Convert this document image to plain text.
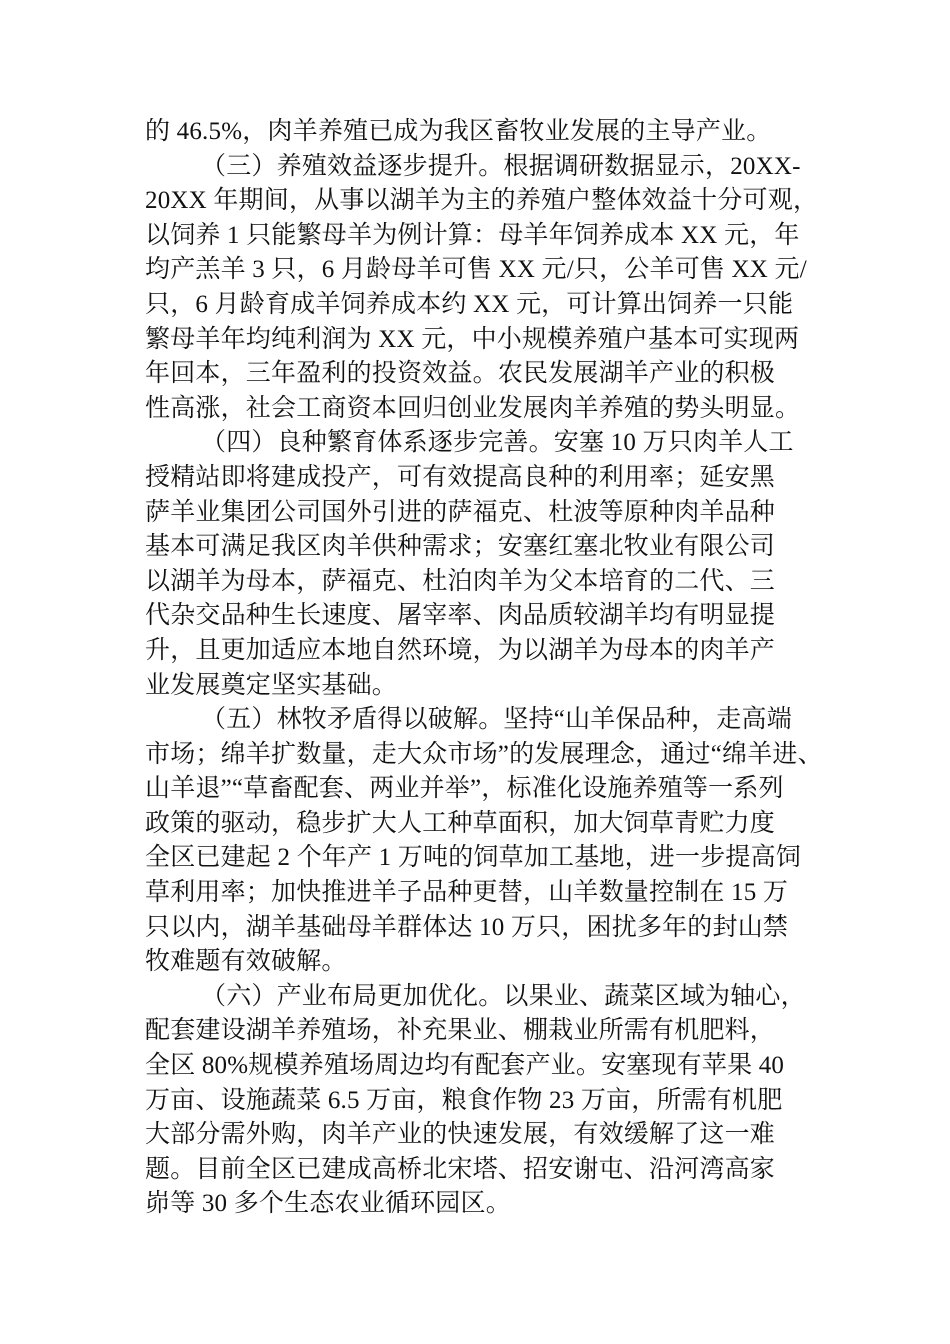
的 46.5%，肉羊养殖已成为我区畜牧业发展的主导产业。
（三）养殖效益逐步提升。根据调研数据显示，20XX-
20XX 年期间，从事以湖羊为主的养殖户整体效益十分可观，
以饲养 1 只能繁母羊为例计算：母羊年饲养成本 XX 元，年
均产羔羊 3 只，6 月龄母羊可售 XX 元/只，公羊可售 XX 元/
只，6 月龄育成羊饲养成本约 XX 元，可计算出饲养一只能
繁母羊年均纯利润为 XX 元，中小规模养殖户基本可实现两
年回本，三年盈利的投资效益。农民发展湖羊产业的积极
性高涨，社会工商资本回归创业发展肉羊养殖的势头明显。
（四）良种繁育体系逐步完善。安塞 10 万只肉羊人工
授精站即将建成投产，可有效提高良种的利用率；延安黑
萨羊业集团公司国外引进的萨福克、杜波等原种肉羊品种
基本可满足我区肉羊供种需求；安塞红塞北牧业有限公司
以湖羊为母本，萨福克、杜泊肉羊为父本培育的二代、三
代杂交品种生长速度、屠宰率、肉品质较湖羊均有明显提
升，且更加适应本地自然环境，为以湖羊为母本的肉羊产
业发展奠定坚实基础。
（五）林牧矛盾得以破解。坚持“山羊保品种，走高端
市场；绵羊扩数量，走大众市场”的发展理念，通过“绵羊进、
山羊退”“草畜配套、两业并举”，标准化设施养殖等一系列
政策的驱动，稳步扩大人工种草面积，加大饲草青贮力度
全区已建起 2 个年产 1 万吨的饲草加工基地，进一步提高饲
草利用率；加快推进羊子品种更替，山羊数量控制在 15 万
只以内，湖羊基础母羊群体达 10 万只，困扰多年的封山禁
牧难题有效破解。
（六）产业布局更加优化。以果业、蔬菜区域为轴心，
配套建设湖羊养殖场，补充果业、棚栽业所需有机肥料，
全区 80%规模养殖场周边均有配套产业。安塞现有苹果 40
万亩、设施蔬菜 6.5 万亩，粮食作物 23 万亩，所需有机肥
大部分需外购，肉羊产业的快速发展，有效缓解了这一难
题。目前全区已建成高桥北宋塔、招安谢屯、沿河湾高家
峁等 30 多个生态农业循环园区。
